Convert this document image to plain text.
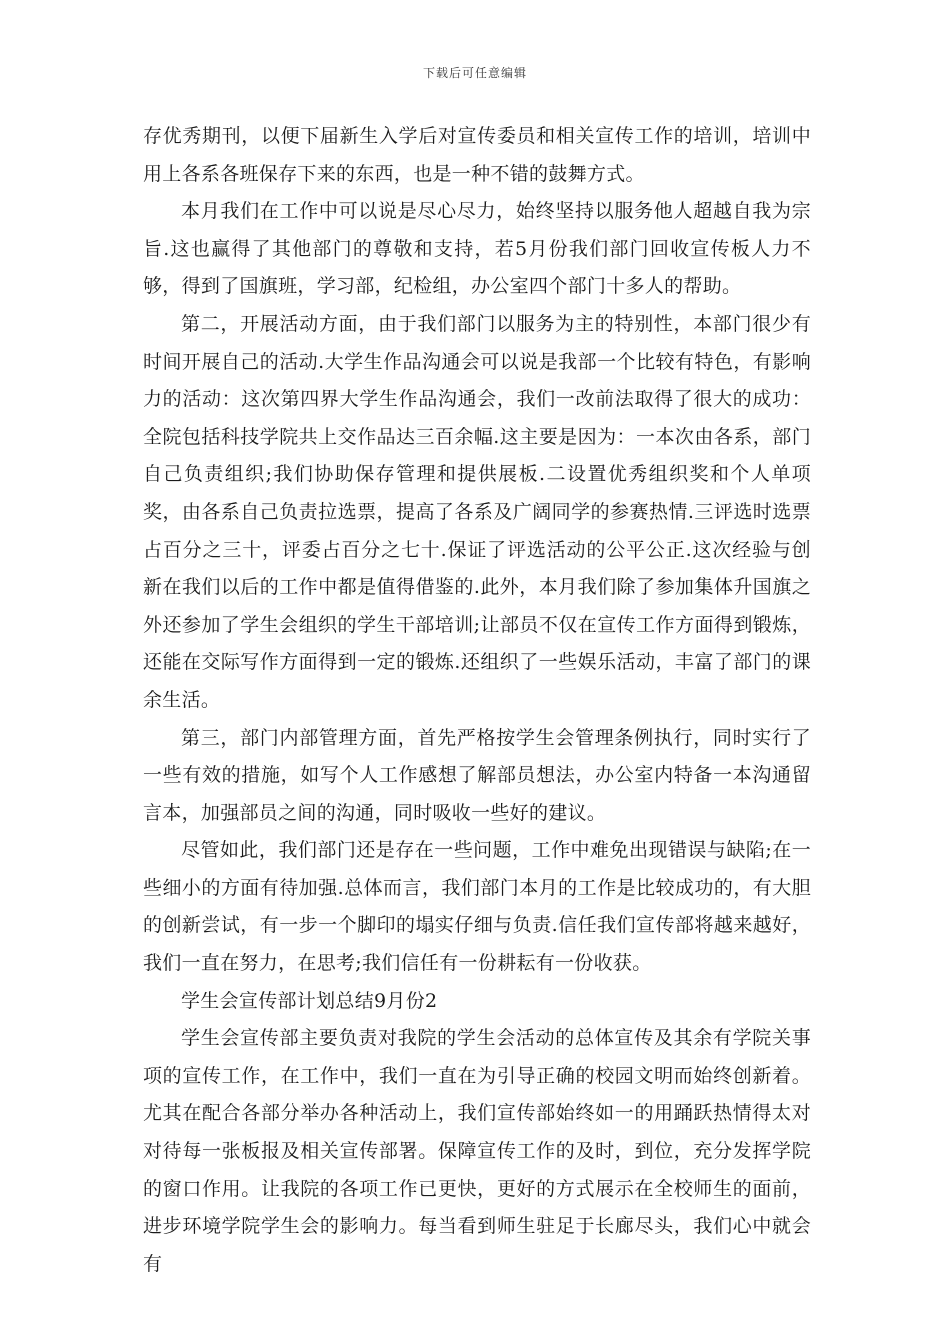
下载后可任意编辑

存优秀期刊，以便下届新生入学后对宣传委员和相关宣传工作的培训，培训中用上各系各班保存下来的东西，也是一种不错的鼓舞方式。

本月我们在工作中可以说是尽心尽力，始终坚持以服务他人超越自我为宗旨.这也赢得了其他部门的尊敬和支持，若5月份我们部门回收宣传板人力不够，得到了国旗班，学习部，纪检组，办公室四个部门十多人的帮助。

第二，开展活动方面，由于我们部门以服务为主的特别性，本部门很少有时间开展自己的活动.大学生作品沟通会可以说是我部一个比较有特色，有影响力的活动：这次第四界大学生作品沟通会，我们一改前法取得了很大的成功：全院包括科技学院共上交作品达三百余幅.这主要是因为：一本次由各系，部门自己负责组织;我们协助保存管理和提供展板.二设置优秀组织奖和个人单项奖，由各系自己负责拉选票，提高了各系及广阔同学的参赛热情.三评选时选票占百分之三十，评委占百分之七十.保证了评选活动的公平公正.这次经验与创新在我们以后的工作中都是值得借鉴的.此外，本月我们除了参加集体升国旗之外还参加了学生会组织的学生干部培训;让部员不仅在宣传工作方面得到锻炼，还能在交际写作方面得到一定的锻炼.还组织了一些娱乐活动，丰富了部门的课余生活。

第三，部门内部管理方面，首先严格按学生会管理条例执行，同时实行了一些有效的措施，如写个人工作感想了解部员想法，办公室内特备一本沟通留言本，加强部员之间的沟通，同时吸收一些好的建议。

尽管如此，我们部门还是存在一些问题，工作中难免出现错误与缺陷;在一些细小的方面有待加强.总体而言，我们部门本月的工作是比较成功的，有大胆的创新尝试，有一步一个脚印的塌实仔细与负责.信任我们宣传部将越来越好，我们一直在努力，在思考;我们信任有一份耕耘有一份收获。

学生会宣传部计划总结9月份2

学生会宣传部主要负责对我院的学生会活动的总体宣传及其余有学院关事项的宣传工作，在工作中，我们一直在为引导正确的校园文明而始终创新着。尤其在配合各部分举办各种活动上，我们宣传部始终如一的用踊跃热情得太对对待每一张板报及相关宣传部署。保障宣传工作的及时，到位，充分发挥学院的窗口作用。让我院的各项工作已更快，更好的方式展示在全校师生的面前，进步环境学院学生会的影响力。每当看到师生驻足于长廊尽头，我们心中就会有
